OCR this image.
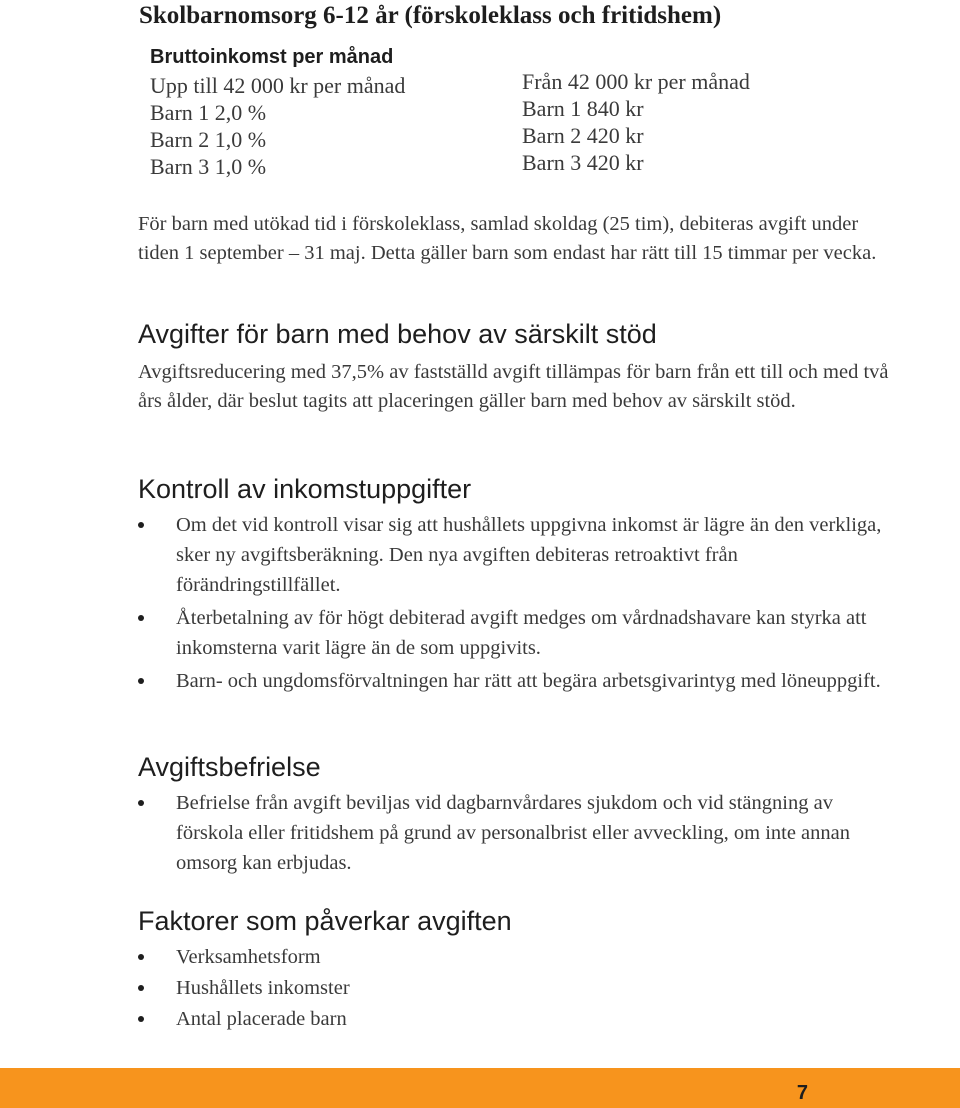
Skolbarnomsorg 6-12 år (förskoleklass och fritidshem)
Bruttoinkomst per månad
Upp till 42 000 kr per månad
Barn 1 2,0 %
Barn 2 1,0 %
Barn 3 1,0 %
Från 42 000 kr per månad
Barn 1 840 kr
Barn 2 420 kr
Barn 3 420 kr
För barn med utökad tid i förskoleklass, samlad skoldag (25 tim), debiteras avgift under tiden 1 september – 31 maj. Detta gäller barn som endast har rätt till 15 timmar per vecka.
Avgifter för barn med behov av särskilt stöd
Avgiftsreducering med 37,5% av fastställd avgift tillämpas för barn från ett till och med två års ålder, där beslut tagits att placeringen gäller barn med behov av särskilt stöd.
Kontroll av inkomstuppgifter
Om det vid kontroll visar sig att hushållets uppgivna inkomst är lägre än den verkliga, sker ny avgiftsberäkning. Den nya avgiften debiteras retroaktivt från förändringstillfället.
Återbetalning av för högt debiterad avgift medges om vårdnadshavare kan styrka att inkomsterna varit lägre än de som uppgivits.
Barn- och ungdomsförvaltningen har rätt att begära arbetsgivarintyg med löneuppgift.
Avgiftsbefrielse
Befrielse från avgift beviljas vid dagbarnvårdares sjukdom och vid stängning av förskola eller fritidshem på grund av personalbrist eller avveckling, om inte annan omsorg kan erbjudas.
Faktorer som påverkar avgiften
Verksamhetsform
Hushållets inkomster
Antal placerade barn
7
